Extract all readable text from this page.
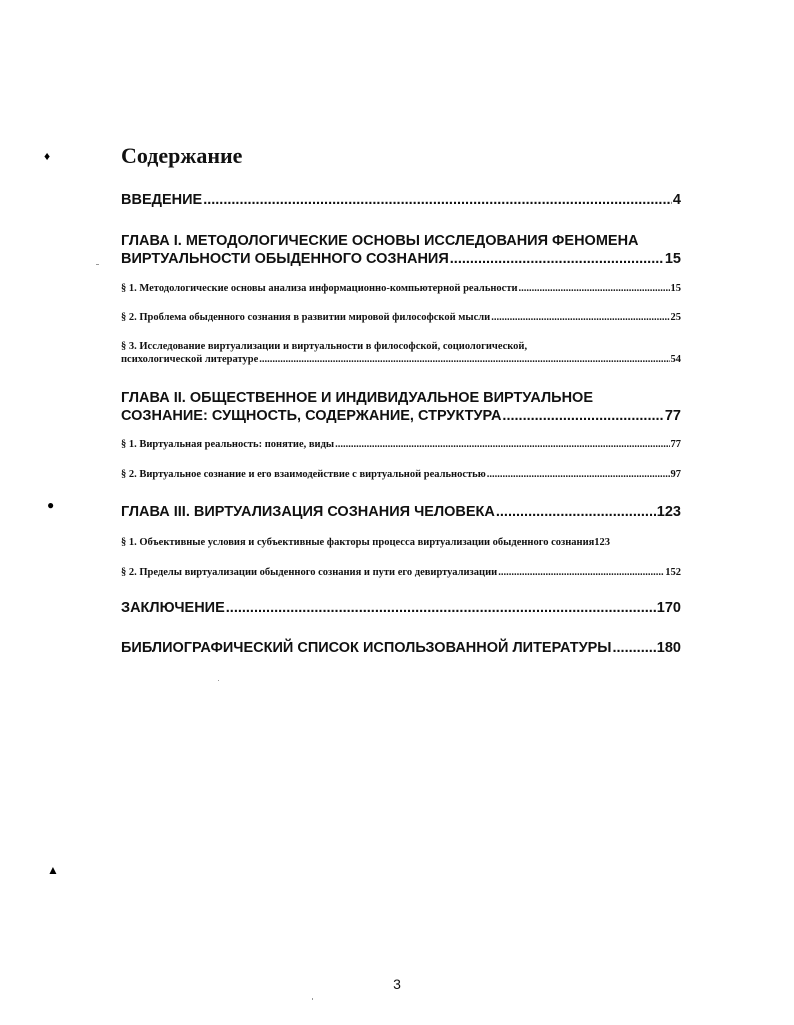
♦
●
▲
Содержание
ВВЕДЕНИЕ .....	4
ГЛАВА I. МЕТОДОЛОГИЧЕСКИЕ ОСНОВЫ ИССЛЕДОВАНИЯ ФЕНОМЕНА
ВИРТУАЛЬНОСТИ ОБЫДЕННОГО СОЗНАНИЯ .....	15
§ 1. Методологические основы анализа информационно-компьютерной реальности .....	15
§ 2. Проблема обыденного сознания в развитии мировой философской мысли .....	25
§ 3. Исследование виртуализации и виртуальности в философской, социологической,
психологической литературе .....	54
ГЛАВА II. ОБЩЕСТВЕННОЕ И ИНДИВИДУАЛЬНОЕ ВИРТУАЛЬНОЕ
СОЗНАНИЕ: СУЩНОСТЬ, СОДЕРЖАНИЕ, СТРУКТУРА .....	77
§ 1. Виртуальная реальность: понятие, виды .....	77
§ 2. Виртуальное сознание и его взаимодействие с виртуальной реальностью .....	97
ГЛАВА III. ВИРТУАЛИЗАЦИЯ СОЗНАНИЯ ЧЕЛОВЕКА .....	123
§ 1. Объективные условия и субъективные факторы процесса виртуализации обыденного сознания 123
§ 2. Пределы виртуализации обыденного сознания и пути его девиртуализации .....	152
ЗАКЛЮЧЕНИЕ .....	170
БИБЛИОГРАФИЧЕСКИЙ СПИСОК ИСПОЛЬЗОВАННОЙ ЛИТЕРАТУРЫ .....	180
3
